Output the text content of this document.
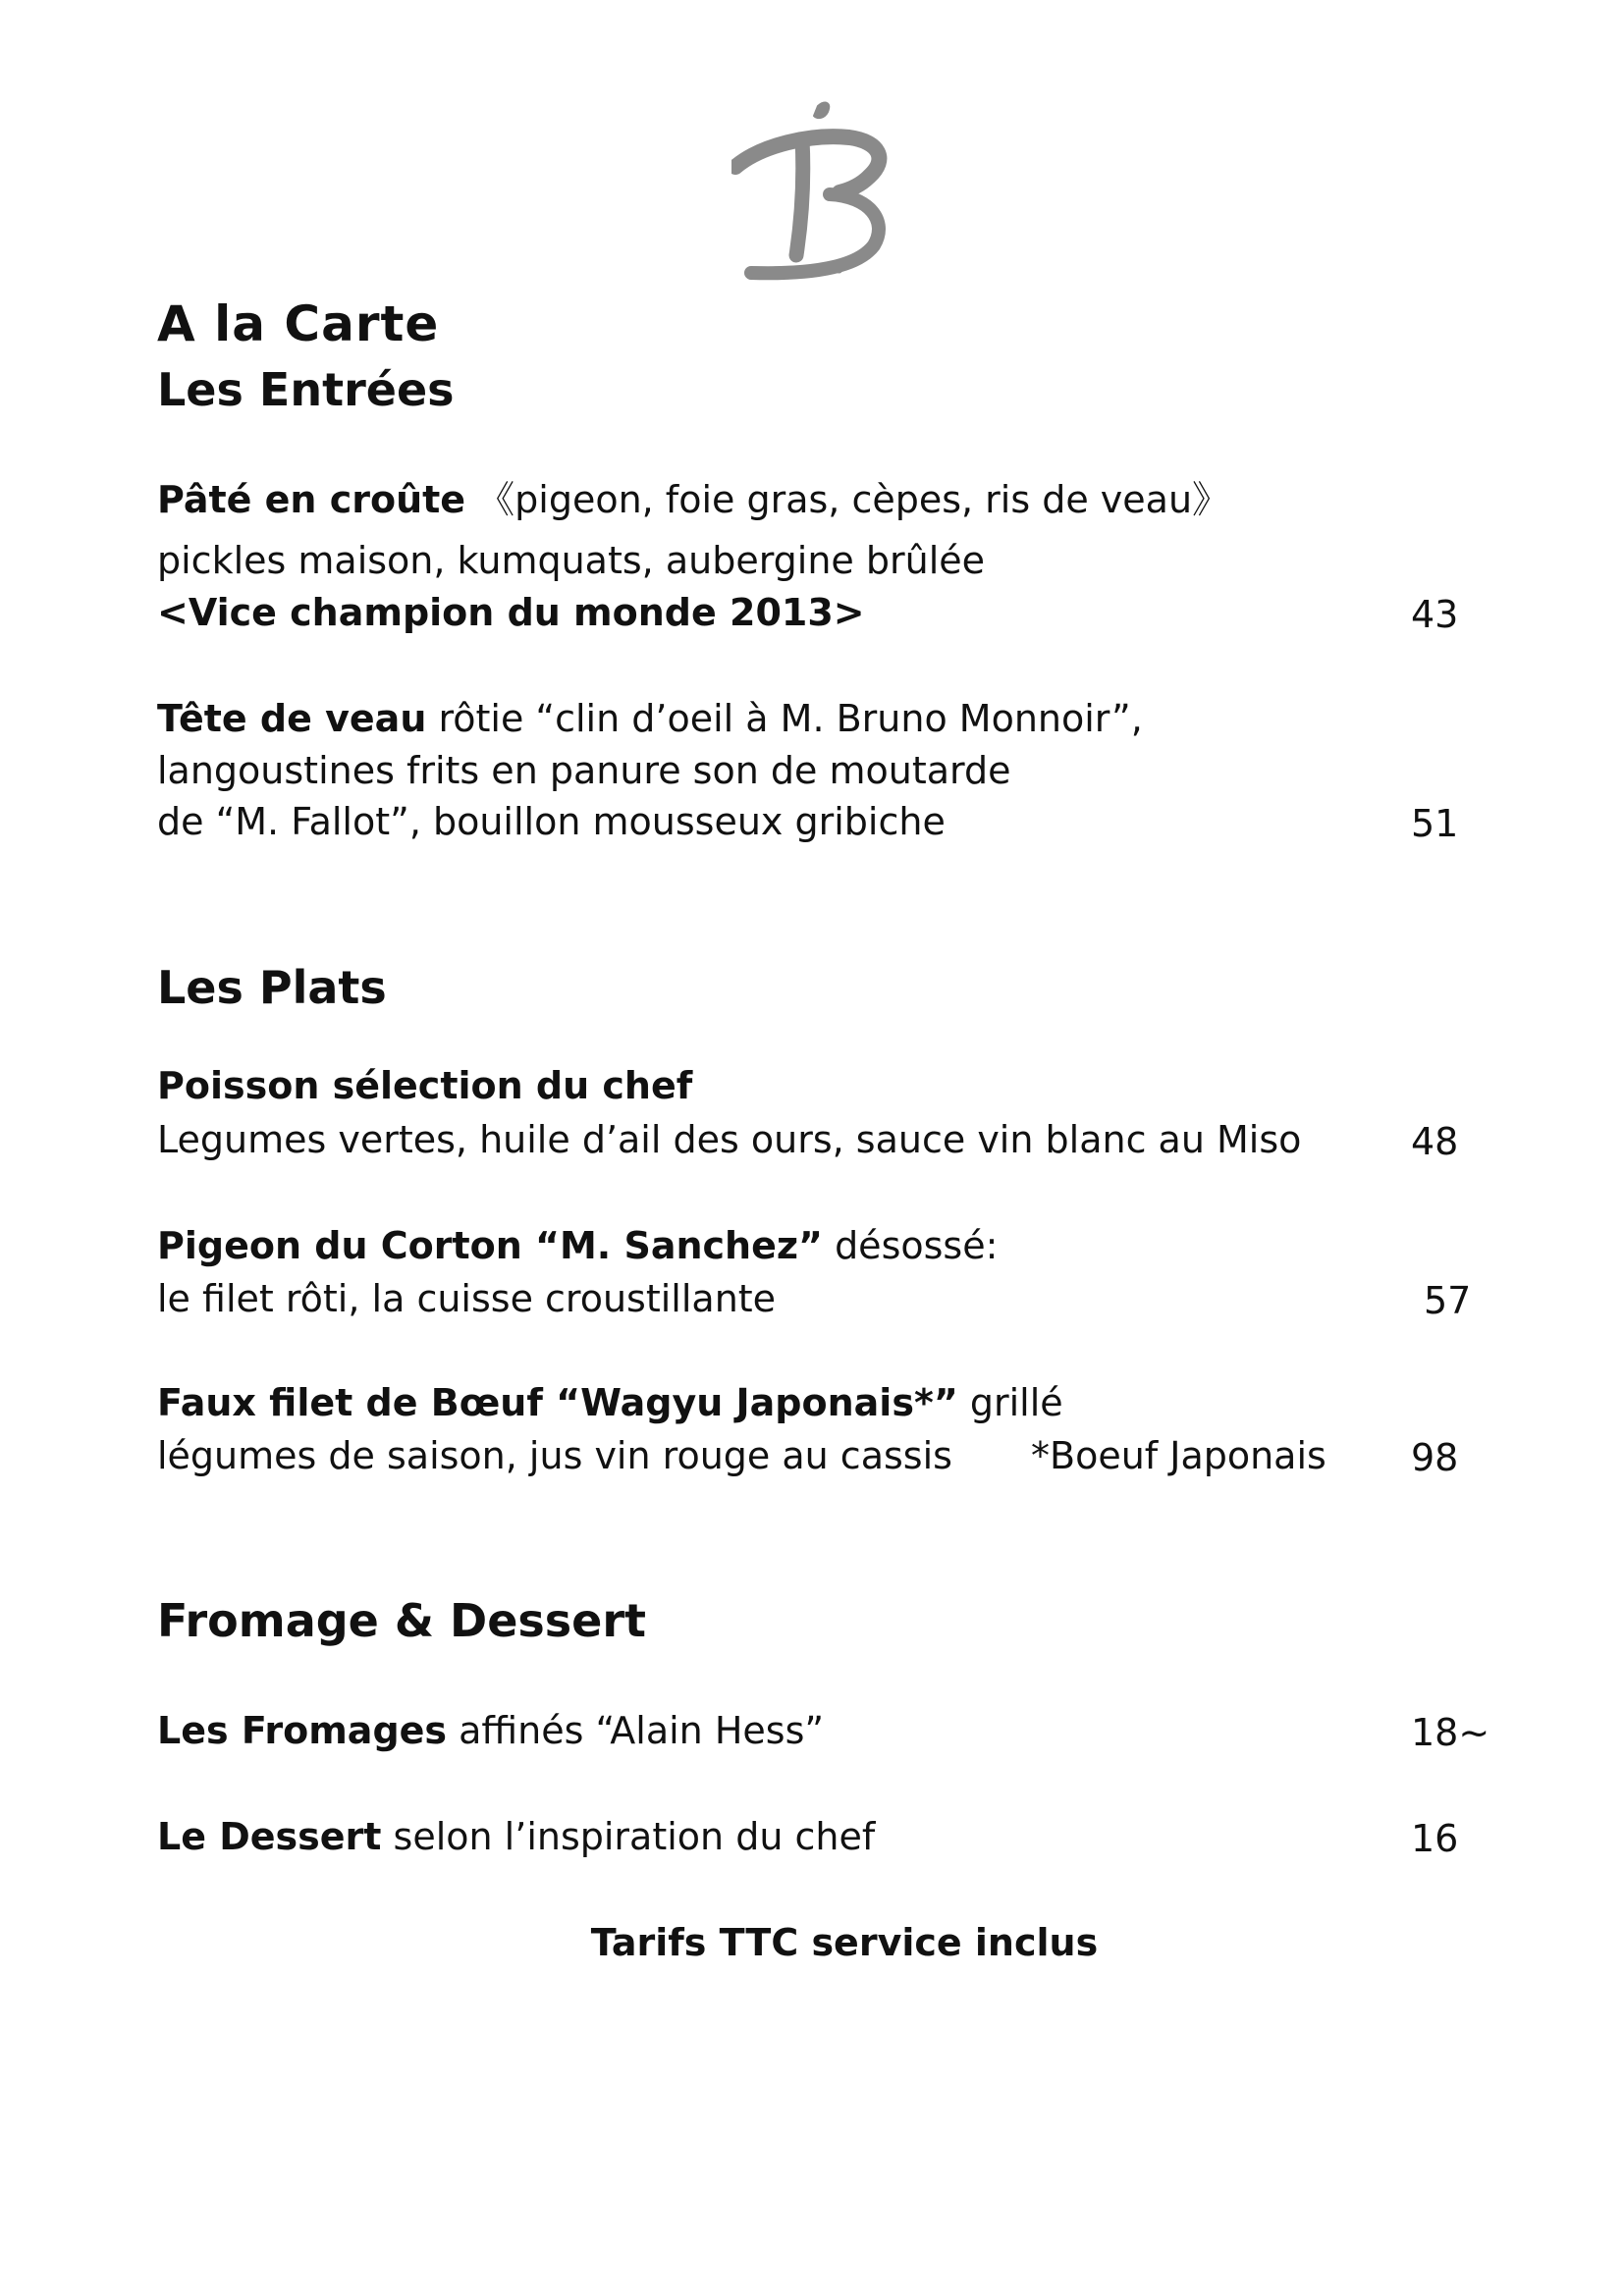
A la Carte
Les Entrées
Pâté en croûte 《pigeon, foie gras, cèpes, ris de veau》
pickles maison, kumquats, aubergine brûlée
<Vice champion du monde 2013>	43
Tête de veau rôtie “clin d’oeil à M. Bruno Monnoir”,
langoustines frits en panure son de moutarde
de “M. Fallot”, bouillon mousseux gribiche	51
Les Plats
Poisson sélection du chef
Legumes vertes, huile d’ail des ours, sauce vin blanc au Miso	48
Pigeon du Corton “M. Sanchez” désossé:
le filet rôti, la cuisse croustillante	57
Faux filet de Bœuf “Wagyu Japonais*” grillé
légumes de saison, jus vin rouge au cassis *Boeuf Japonais 98
Fromage & Dessert
Les Fromages affinés “Alain Hess”	18~
Le Dessert selon l’inspiration du chef	16
Tarifs TTC service inclus
